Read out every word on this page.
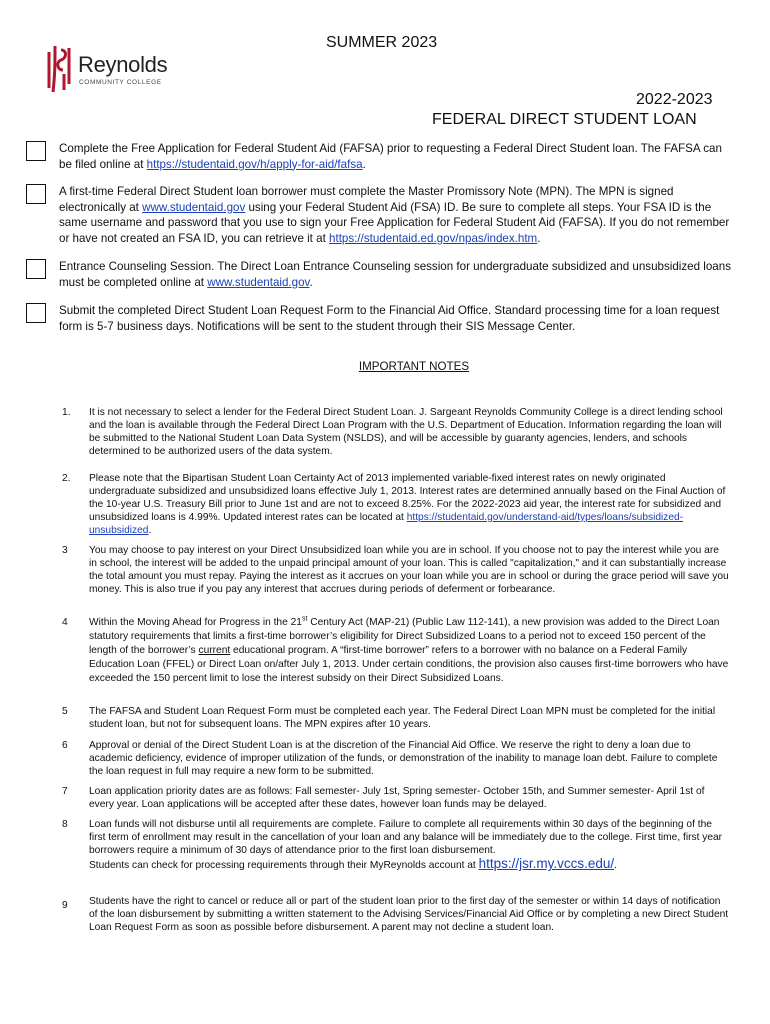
Reynolds
COMMUNITY COLLEGE
SUMMER 2023
2022-2023
FEDERAL DIRECT STUDENT LOAN
Complete the Free Application for Federal Student Aid (FAFSA) prior to requesting a Federal Direct Student loan. The FAFSA can be filed online at https://studentaid.gov/h/apply-for-aid/fafsa.
A first-time Federal Direct Student loan borrower must complete the Master Promissory Note (MPN). The MPN is signed electronically at www.studentaid.gov using your Federal Student Aid (FSA) ID. Be sure to complete all steps. Your FSA ID is the same username and password that you use to sign your Free Application for Federal Student Aid (FAFSA). If you do not remember or have not created an FSA ID, you can retrieve it at https://studentaid.ed.gov/npas/index.htm.
Entrance Counseling Session. The Direct Loan Entrance Counseling session for undergraduate subsidized and unsubsidized loans must be completed online at www.studentaid.gov.
Submit the completed Direct Student Loan Request Form to the Financial Aid Office. Standard processing time for a loan request form is 5-7 business days. Notifications will be sent to the student through their SIS Message Center.
IMPORTANT NOTES
1. It is not necessary to select a lender for the Federal Direct Student Loan. J. Sargeant Reynolds Community College is a direct lending school and the loan is available through the Federal Direct Loan Program with the U.S. Department of Education. Information regarding the loan will be submitted to the National Student Loan Data System (NSLDS), and will be accessible by guaranty agencies, lenders, and schools determined to be authorized users of the data system.
2. Please note that the Bipartisan Student Loan Certainty Act of 2013 implemented variable-fixed interest rates on newly originated undergraduate subsidized and unsubsidized loans effective July 1, 2013. Interest rates are determined annually based on the Final Auction of the 10-year U.S. Treasury Bill prior to June 1st and are not to exceed 8.25%. For the 2022-2023 aid year, the interest rate for subsidized and unsubsidized loans is 4.99%. Updated interest rates can be located at https://studentaid.gov/understand-aid/types/loans/subsidized-unsubsidized.
3 You may choose to pay interest on your Direct Unsubsidized loan while you are in school. If you choose not to pay the interest while you are in school, the interest will be added to the unpaid principal amount of your loan. This is called "capitalization," and it can substantially increase the total amount you must repay. Paying the interest as it accrues on your loan while you are in school or during the grace period will save you money. This is also true if you pay any interest that accrues during periods of deferment or forbearance.
4 Within the Moving Ahead for Progress in the 21st Century Act (MAP-21) (Public Law 112-141), a new provision was added to the Direct Loan statutory requirements that limits a first-time borrower’s eligibility for Direct Subsidized Loans to a period not to exceed 150 percent of the length of the borrower’s current educational program. A “first-time borrower” refers to a borrower with no balance on a Federal Family Education Loan (FFEL) or Direct Loan on/after July 1, 2013. Under certain conditions, the provision also causes first-time borrowers who have exceeded the 150 percent limit to lose the interest subsidy on their Direct Subsidized Loans.
5 The FAFSA and Student Loan Request Form must be completed each year. The Federal Direct Loan MPN must be completed for the initial student loan, but not for subsequent loans. The MPN expires after 10 years.
6 Approval or denial of the Direct Student Loan is at the discretion of the Financial Aid Office. We reserve the right to deny a loan due to academic deficiency, evidence of improper utilization of the funds, or demonstration of the inability to manage loan debt. Failure to complete the loan request in full may require a new form to be submitted.
7 Loan application priority dates are as follows: Fall semester- July 1st, Spring semester- October 15th, and Summer semester- April 1st of every year. Loan applications will be accepted after these dates, however loan funds may be delayed.
8 Loan funds will not disburse until all requirements are complete. Failure to complete all requirements within 30 days of the beginning of the first term of enrollment may result in the cancellation of your loan and any balance will be immediately due to the college. First time, first year borrowers require a minimum of 30 days of attendance prior to the first loan disbursement.
Students can check for processing requirements through their MyReynolds account at https://jsr.my.vccs.edu/.
9 Students have the right to cancel or reduce all or part of the student loan prior to the first day of the semester or within 14 days of notification of the loan disbursement by submitting a written statement to the Advising Services/Financial Aid Office or by completing a new Direct Student Loan Request Form as soon as possible before disbursement. A parent may not decline a student loan.
